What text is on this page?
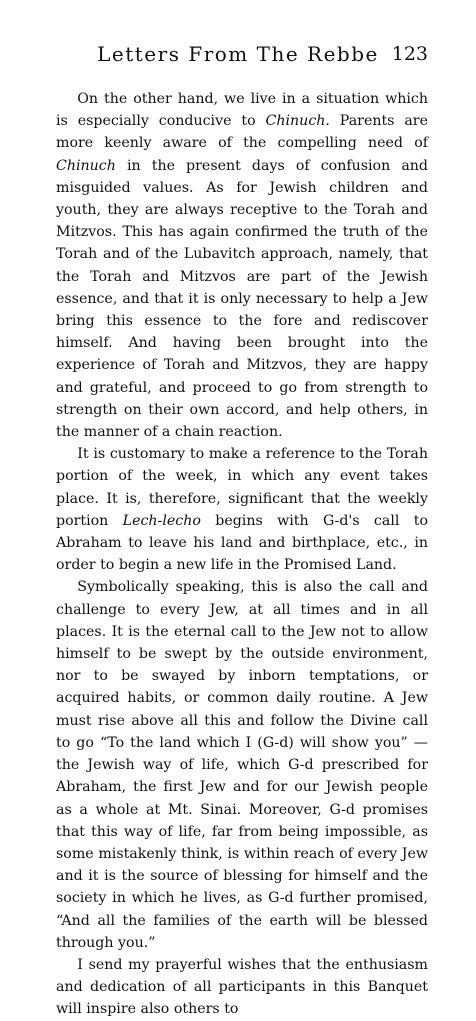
Letters From The Rebbe 123

On the other hand, we live in a situation which is especially conducive to Chinuch. Parents are more keenly aware of the compelling need of Chinuch in the present days of confusion and misguided values. As for Jewish children and youth, they are always receptive to the Torah and Mitzvos. This has again confirmed the truth of the Torah and of the Lubavitch approach, namely, that the Torah and Mitzvos are part of the Jewish essence, and that it is only necessary to help a Jew bring this essence to the fore and rediscover himself. And having been brought into the experience of Torah and Mitzvos, they are happy and grateful, and proceed to go from strength to strength on their own accord, and help others, in the manner of a chain reaction.

It is customary to make a reference to the Torah portion of the week, in which any event takes place. It is, therefore, significant that the weekly portion Lech-lecho begins with G-d's call to Abraham to leave his land and birthplace, etc., in order to begin a new life in the Promised Land.

Symbolically speaking, this is also the call and challenge to every Jew, at all times and in all places. It is the eternal call to the Jew not to allow himself to be swept by the outside environment, nor to be swayed by inborn temptations, or acquired habits, or common daily routine. A Jew must rise above all this and follow the Divine call to go “To the land which I (G-d) will show you” — the Jewish way of life, which G-d prescribed for Abraham, the first Jew and for our Jewish people as a whole at Mt. Sinai. Moreover, G-d promises that this way of life, far from being impossible, as some mistakenly think, is within reach of every Jew and it is the source of blessing for himself and the society in which he lives, as G-d further promised, “And all the families of the earth will be blessed through you.”

I send my prayerful wishes that the enthusiasm and dedication of all participants in this Banquet will inspire also others to
